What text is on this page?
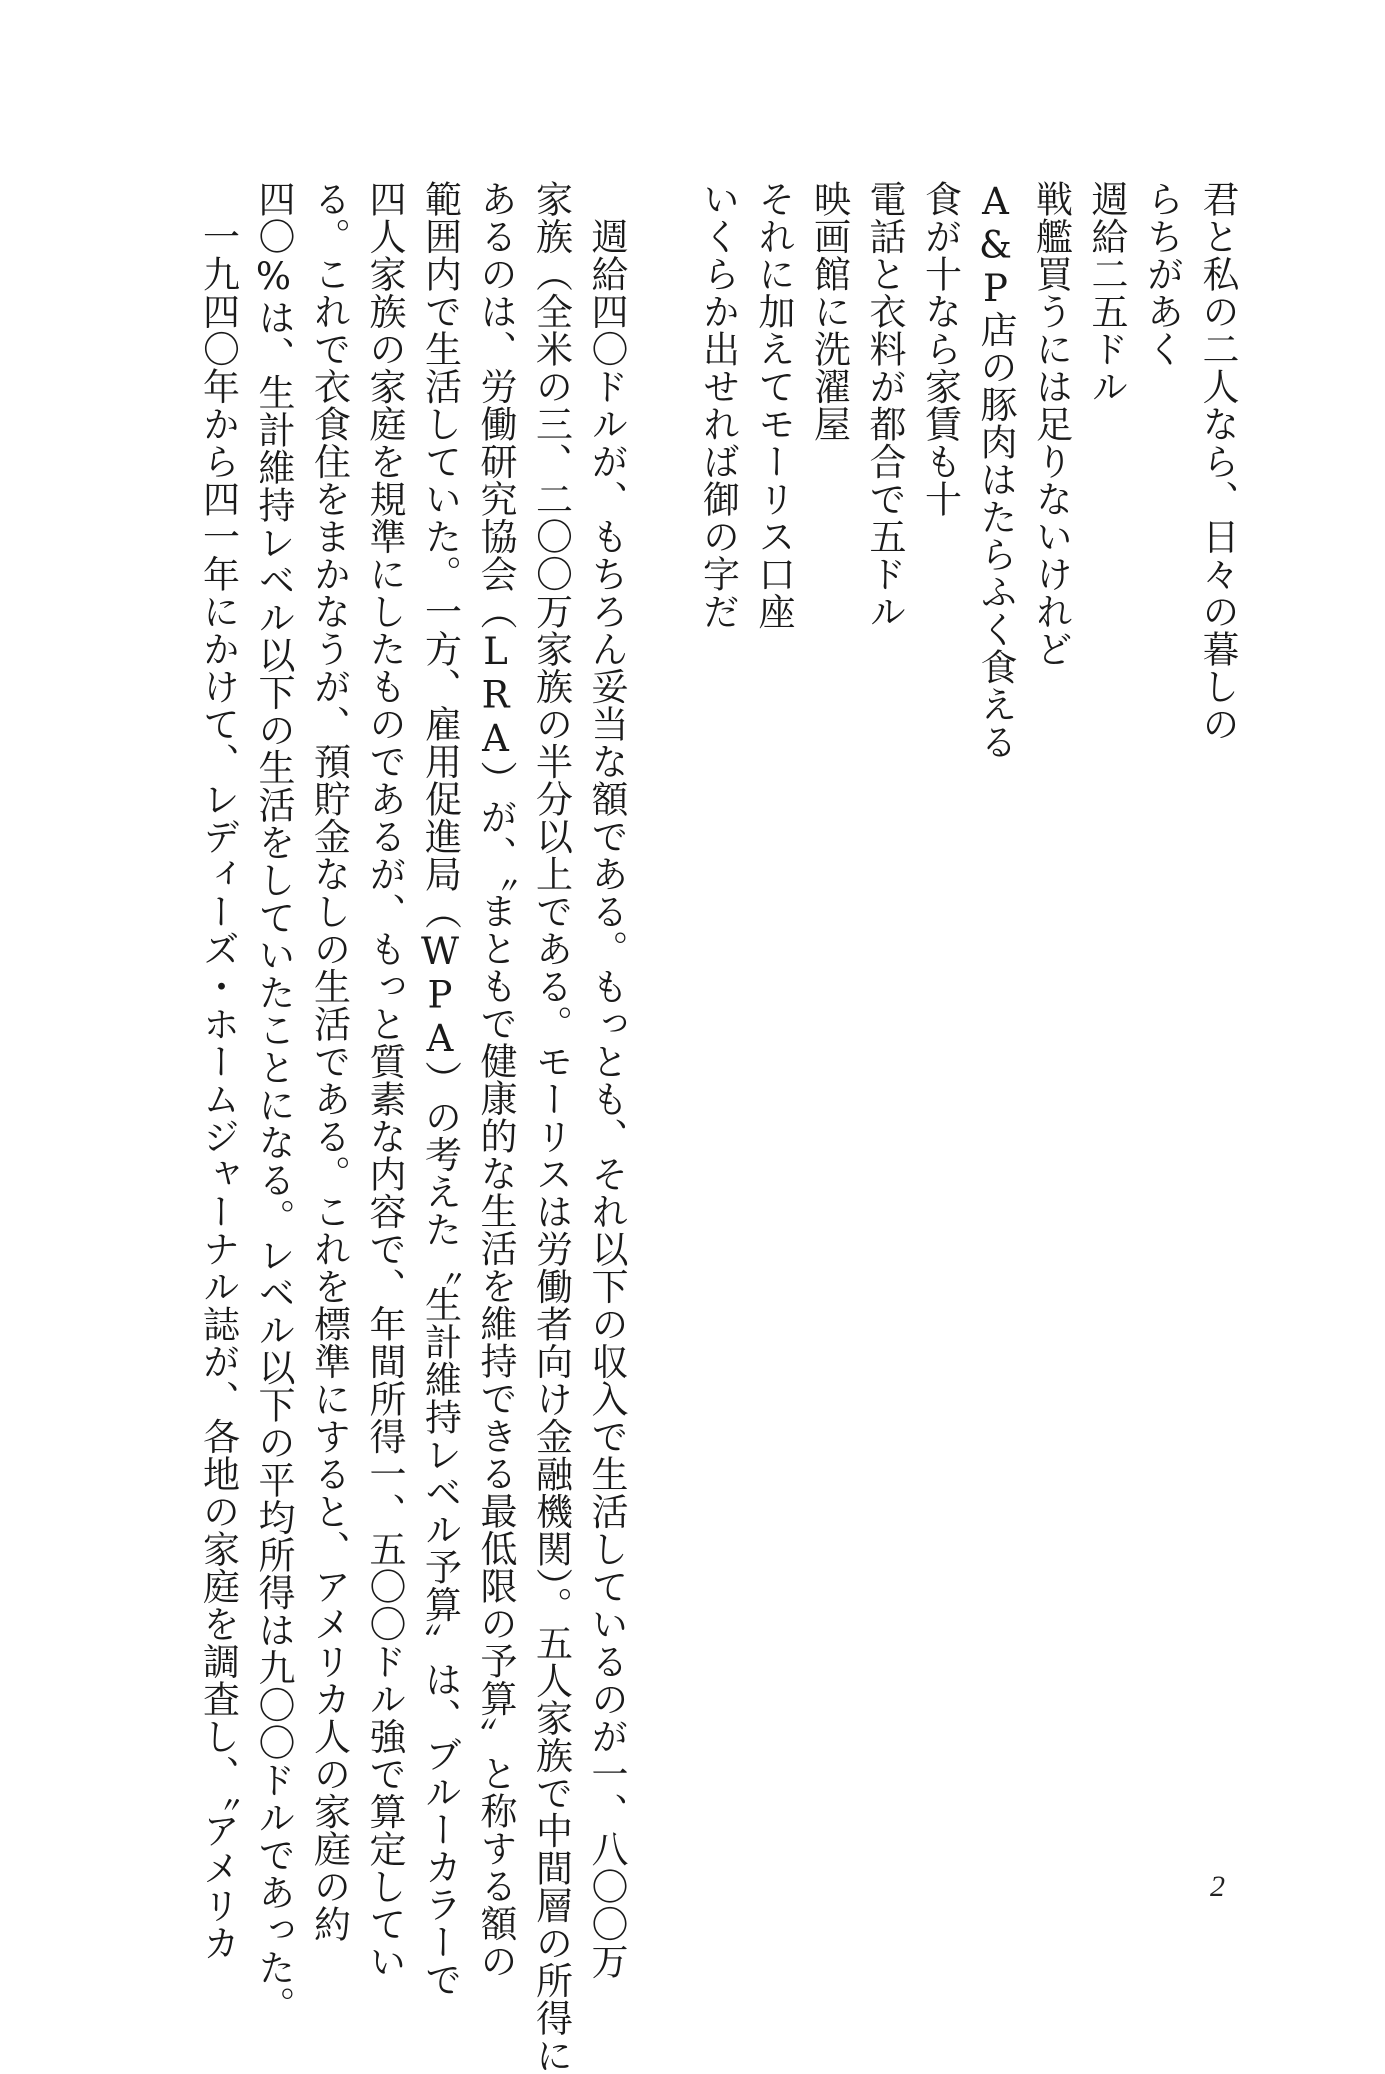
君と私の二人なら、日々の暮しの
らちがあく
週給二五ドル
戦艦買うには足りないけれど
A&P店の豚肉はたらふく食える
食が十なら家賃も十
電話と衣料が都合で五ドル
映画館に洗濯屋
それに加えてモーリス口座
いくらか出せれば御の字だ
　週給四〇ドルが、もちろん妥当な額である。もっとも、それ以下の収入で生活しているのが一、八〇〇万
家族（全米の三、二〇〇万家族の半分以上である。モーリスは労働者向け金融機関）。五人家族で中間層の所得に
あるのは、労働研究協会（LRA）が、〝まともで健康的な生活を維持できる最低限の予算〟と称する額の
範囲内で生活していた。一方、雇用促進局（WPA）の考えた〝生計維持レベル予算〟は、ブルーカラーで
四人家族の家庭を規準にしたものであるが、もっと質素な内容で、年間所得一、五〇〇ドル強で算定してい
る。これで衣食住をまかなうが、預貯金なしの生活である。これを標準にすると、アメリカ人の家庭の約
四〇%は、生計維持レベル以下の生活をしていたことになる。レベル以下の平均所得は九〇〇ドルであった。
　一九四〇年から四一年にかけて、レディーズ・ホームジャーナル誌が、各地の家庭を調査し、〝アメリカ	2
